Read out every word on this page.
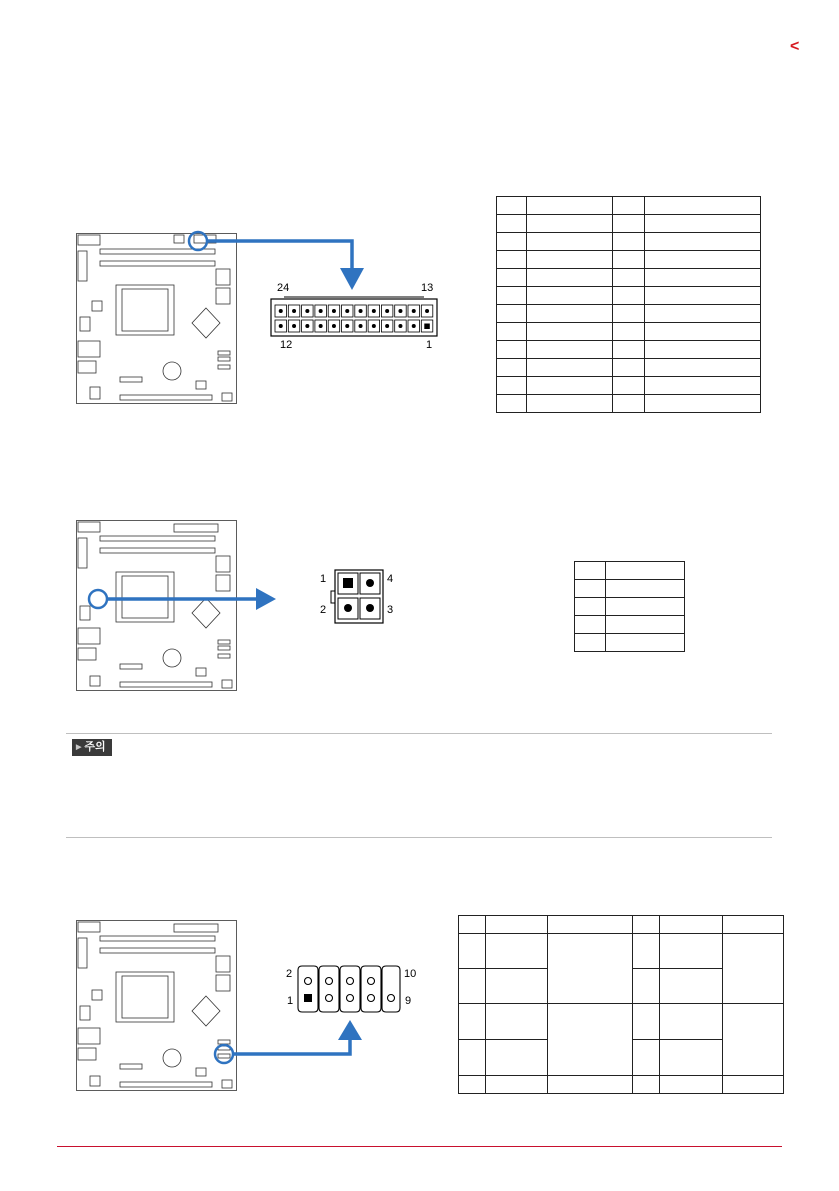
<
24	13
12	1

1
2
4
3

▶ 주의
2
1
10
9
